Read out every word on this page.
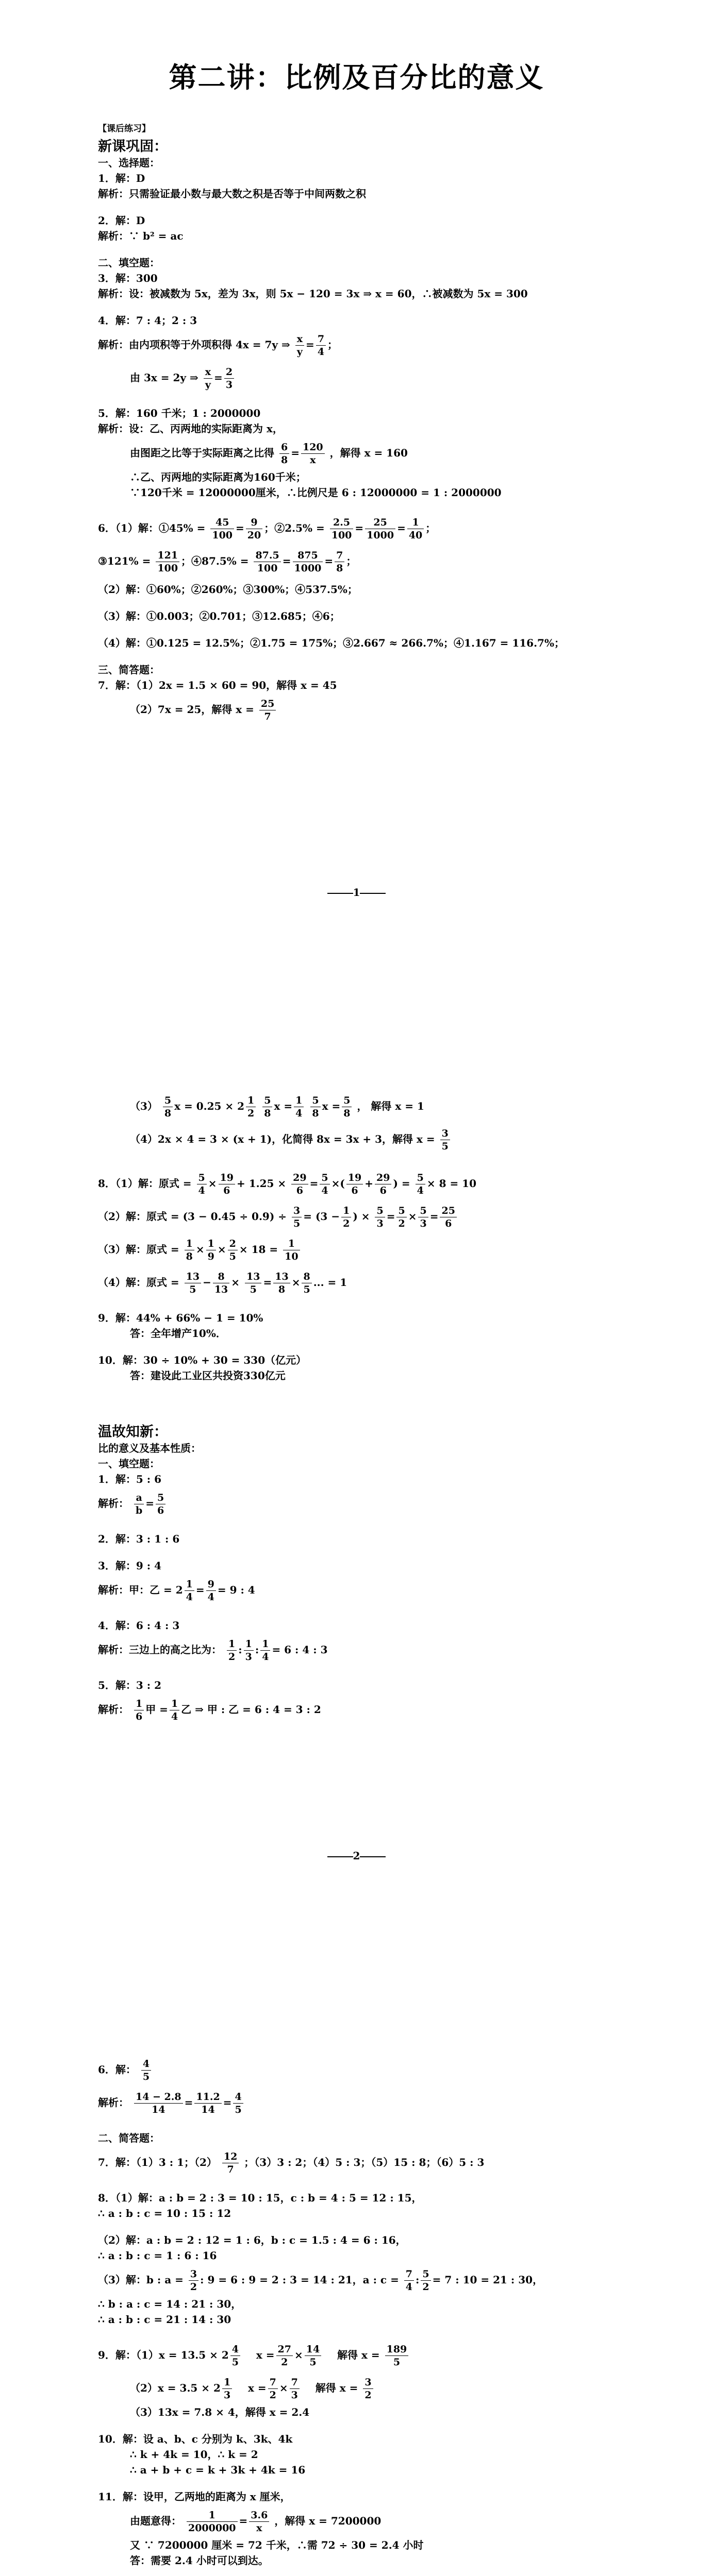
第二讲：比例及百分比的意义
【课后练习】
新课巩固：
一、选择题：
1．解：D
解析：只需验证最小数与最大数之积是否等于中间两数之积
2．解：D
解析：∵ b² = ac
二、填空题：
3．解：300
解析：设：被减数为 5x，差为 3x，则 5x − 120 = 3x ⇒ x = 60，∴被减数为 5x = 300
4．解：7 : 4；2 : 3
解析：由内项积等于外项积得 4x = 7y ⇒ $\frac{x}{y} = \frac{7}{4}$ ；
由 3x = 2y ⇒ $\frac{x}{y} = \frac{2}{3}$
5．解：160 千米；1 : 2000000
解析：设：乙、丙两地的实际距离为 x，
由图距之比等于实际距离之比得 $\frac{6}{8} = \frac{120}{x}$ ，解得 x = 160
∴乙、丙两地的实际距离为160千米；
∵120千米 = 12000000厘米，∴比例尺是 6 : 12000000 = 1 : 2000000
6．（1）解：①45% = $\frac{45}{100} = \frac{9}{20}$ ；②2.5% = $\frac{2.5}{100} = \frac{25}{1000} = \frac{1}{40}$ ；
③121% = $\frac{121}{100}$ ；④87.5% = $\frac{87.5}{100} = \frac{875}{1000} = \frac{7}{8}$ ；
（2）解：①60%；②260%；③300%；④537.5%；
（3）解：①0.003；②0.701；③12.685；④6；
（4）解：①0.125 = 12.5%；②1.75 = 175%；③2.667 ≈ 266.7%；④1.167 = 116.7%；
三、简答题：
7．解：（1）2x = 1.5 × 60 = 90，解得 x = 45
（2）7x = 25，解得 $x = \frac{25}{7}$
1
$(3) \frac{5}{8}$ $x = 0.25 \times 2 \frac{1}{2}$
$\frac{5}{8}$ $x = \frac{1}{4}$
$\frac{5}{8}$ $x = \frac{5}{8}$ ， 解得 x = 1
（4）2x × 4 = 3 × (x + 1)，化简得 8x = 3x + 3，解得 $x = \frac{3}{5}$
8．（1）解：原式 = $\frac{5}{4} \times \frac{19}{6} + 1.25 \times \frac{29}{6} = \frac{5}{4}$ ×( $\frac{19}{6} + \frac{29}{6}$ ) = $\frac{5}{4} \times 8 = 10$
（2）解：原式 = $(3 - 0.45 \div 0.9) \div \frac{3}{5} = (3 - \frac{1}{2}$ ) × $\frac{5}{3} = \frac{5}{2} \times \frac{5}{3} = \frac{25}{6}$
（3）解：原式 = $\frac{1}{8} \times \frac{1}{9} \times \frac{2}{5} \times 18 = \frac{1}{10}$
（4）解：原式 = $\frac{13}{5} - \frac{8}{13} \times \frac{13}{5} = \frac{13}{8} \times \frac{8}{5}$ ... = 1
9．解：44% + 66% − 1 = 10%
答：全年增产10%．
10．解：30 ÷ 10% + 30 = 330（亿元）
答：建设此工业区共投资330亿元
温故知新：
比的意义及基本性质：
一、填空题：
1．解：5 : 6
解析： $\frac{a}{b} = \frac{5}{6}$
2．解：3 : 1 : 6
3．解：9 : 4
解析：甲：乙 = $2 \frac{1}{4} = \frac{9}{4} = 9$ : 4
4．解：6 : 4 : 3
解析：三边上的高之比为： $\frac{1}{2}$ : $\frac{1}{3}$ : $\frac{1}{4} = 6$ : 4 : 3
5．解：3 : 2
解析： $\frac{1}{6}$ 甲 = $\frac{1}{4}$ 乙 ⇒ 甲 : 乙 = 6 : 4 = 3 : 2
2
6．解： $\frac{4}{5}$
解析： $\frac{14 - 2.8}{14} = \frac{11.2}{14} = \frac{4}{5}$
二、简答题：
7．解：（1）3 : 1；$(2) \frac{12}{7}$ ；（3）3 : 2；（4）5 : 3；（5）15 : 8；（6）5 : 3
8．（1）解：a : b = 2 : 3 = 10 : 15，c : b = 4 : 5 = 12 : 15，
∴ a : b : c = 10 : 15 : 12
（2）解：a : b = 2 : 12 = 1 : 6，b : c = 1.5 : 4 = 6 : 16，
∴ a : b : c = 1 : 6 : 16
（3）解：b : $a = \frac{3}{2}$ : 9 = 6 : 9 = 2 : 3 = 14 : 21，a : $c = \frac{7}{4}$ : $\frac{5}{2} = 7$ : 10 = 21 : 30，
∴ b : a : c = 14 : 21 : 30，
∴ a : b : c = 21 : 14 : 30
9．解：$(1)x = 13.5 \times 2 \frac{4}{5}$ $x = \frac{27}{2} \times \frac{14}{5}$ 解得 $x = \frac{189}{5}$
$(2)x = 3.5 \times 2 \frac{1}{3}$ $x = \frac{7}{2} \times \frac{7}{3}$ 解得 $x = \frac{3}{2}$
（3）13x = 7.8 × 4，解得 x = 2.4
10．解：设 a、b、c 分别为 k、3k、4k
∴ k + 4k = 10，∴ k = 2
∴ a + b + c = k + 3k + 4k = 16
11．解：设甲，乙两地的距离为 x 厘米，
由题意得： $\frac{1}{2000000} = \frac{3.6}{x}$ ，解得 x = 7200000
又 ∵ 7200000 厘米 = 72 千米，∴需 72 ÷ 30 = 2.4 小时
答：需要 2.4 小时可以到达。
